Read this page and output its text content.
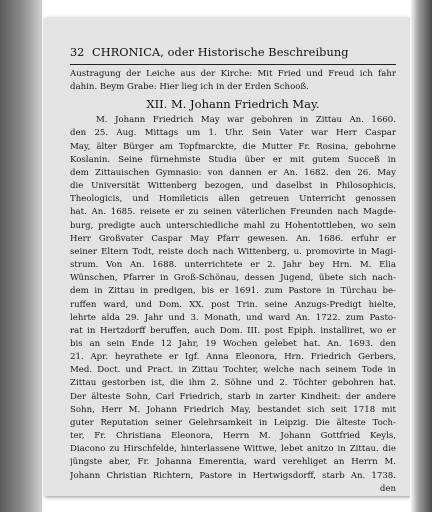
32 CHRONICA, oder Historische Beschreibung
Austragung der Leiche aus der Kirche: Mit Fried und Freud ich fahr
dahin. Beym Grabe: Hier lieg ich in der Erden Schooß.
XII. M. Johann Friedrich May.
M. Johann Friedrich May war gebohren in Zittau An. 1660.
den 25. Aug. Mittags um 1. Uhr. Sein Vater war Herr Caspar
May, älter Bürger am Topfmarckte, die Mutter Fr. Rosina, gebohrne
Koslanin. Seine fürnehmste Studia über er mit gutem Succeß in
dem Zittauischen Gymnasio: von dannen er An. 1682. den 26. May
die Universität Wittenberg bezogen, und daselbst in Philosophicis,
Theologicis, und Homileticis allen getreuen Unterricht genossen
hat. An. 1685. reisete er zu seinen väterlichen Freunden nach Magde-
burg, predigte auch unterschiedliche mahl zu Hohentottleben, wo sein
Herr Großvater Caspar May Pfarr gewesen. An. 1686. erfuhr er
seiner Eltern Todt, reiste doch nach Wittenberg, u. promovirte in Magi-
strum. Von An. 1688. unterrichtete er 2. Jahr bey Hrn. M. Elia
Wünschen, Pfarrer in Groß-Schönau, dessen Jugend, übete sich nach-
dem in Zittau in predigen, bis er 1691. zum Pastore in Türchau be-
ruffen ward, und Dom. XX. post Trin. seine Anzugs-Predigt hielte,
lehrte alda 29. Jahr und 3. Monath, und ward An. 1722. zum Pasto-
rat in Hertzdorff beruffen, auch Dom. III. post Epiph. installiret, wo er
bis an sein Ende 12 Jahr, 19 Wochen gelebet hat. An. 1693. den
21. Apr. heyrathete er Igf. Anna Eleonora, Hrn. Friedrich Gerbers,
Med. Doct. und Pract. in Zittau Tochter, welche nach seinem Tode in
Zittau gestorben ist, die ihm 2. Söhne und 2. Töchter gebohren hat.
Der älteste Sohn, Carl Friedrich, starb in zarter Kindheit: der andere
Sohn, Herr M. Johann Friedrich May, bestandet sich seit 1718 mit
guter Reputation seiner Gelehrsamkeit in Leipzig. Die älteste Toch-
ter, Fr. Christiana Eleonora, Herrn M. Johann Gottfried Keyls,
Diacono zu Hirschfelde, hinterlassene Wittwe, lebet anitzo in Zittau. die
jüngste aber, Fr. Johanna Emerentia, ward verehliget an Herrn M.
Johann Christian Richtern, Pastore in Hertwigsdorff, starb An. 1738.
den
